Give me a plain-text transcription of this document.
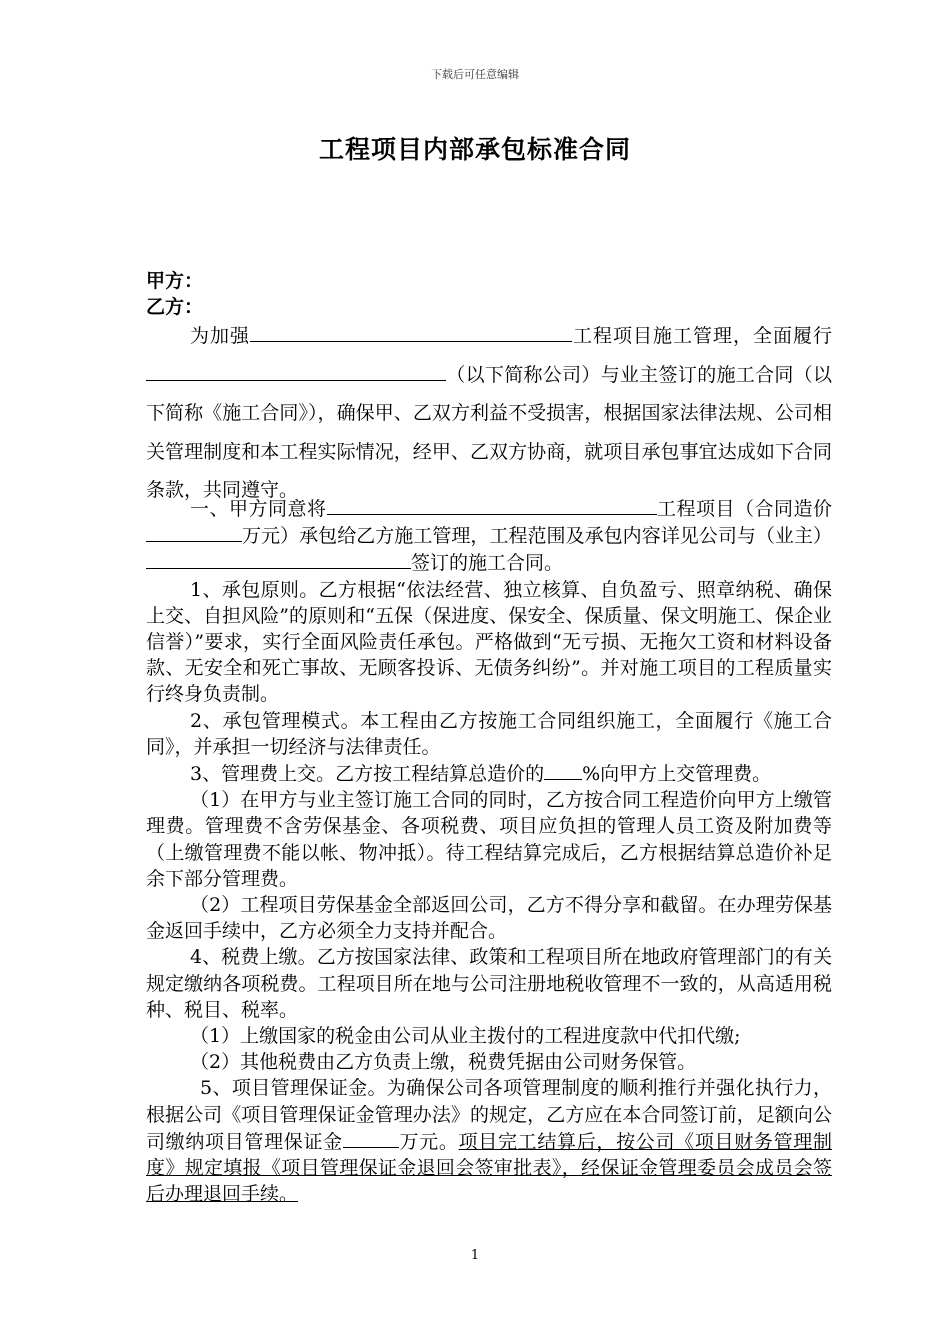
下载后可任意编辑
工程项目内部承包标准合同
甲方：
乙方：

为加强	工程项目施工管理，全面履行（以下简称公司）与业主签订的施工合同（以下简称《施工合同》），确保甲、乙双方利益不受损害，根据国家法律法规、公司相关管理制度和本工程实际情况，经甲、乙双方协商，就项目承包事宜达成如下合同条款，共同遵守。

一、甲方同意将	工程项目（合同造价万元）承包给乙方施工管理，工程范围及承包内容详见公司与（业主）签订的施工合同。

1、承包原则。乙方根据“依法经营、独立核算、自负盈亏、照章纳税、确保上交、自担风险”的原则和“五保（保进度、保安全、保质量、保文明施工、保企业信誉）”要求，实行全面风险责任承包。严格做到“无亏损、无拖欠工资和材料设备款、无安全和死亡事故、无顾客投诉、无债务纠纷”。并对施工项目的工程质量实行终身负责制。

2、承包管理模式。本工程由乙方按施工合同组织施工，全面履行《施工合同》，并承担一切经济与法律责任。

3、管理费上交。乙方按工程结算总造价的 %向甲方上交管理费。

（1）在甲方与业主签订施工合同的同时，乙方按合同工程造价向甲方上缴管理费。管理费不含劳保基金、各项税费、项目应负担的管理人员工资及附加费等（上缴管理费不能以帐、物冲抵）。待工程结算完成后，乙方根据结算总造价补足余下部分管理费。

（2）工程项目劳保基金全部返回公司，乙方不得分享和截留。在办理劳保基金返回手续中，乙方必须全力支持并配合。

4、税费上缴。乙方按国家法律、政策和工程项目所在地政府管理部门的有关规定缴纳各项税费。工程项目所在地与公司注册地税收管理不一致的，从高适用税种、税目、税率。

（1）上缴国家的税金由公司从业主拨付的工程进度款中代扣代缴;

（2）其他税费由乙方负责上缴，税费凭据由公司财务保管。

5、项目管理保证金。为确保公司各项管理制度的顺利推行并强化执行力，根据公司《项目管理保证金管理办法》的规定，乙方应在本合同签订前，足额向公司缴纳项目管理保证金	万元。项目完工结算后，按公司《项目财务管理制度》规定填报《项目管理保证金退回会签审批表》，经保证金管理委员会成员会签后办理退回手续。

1
